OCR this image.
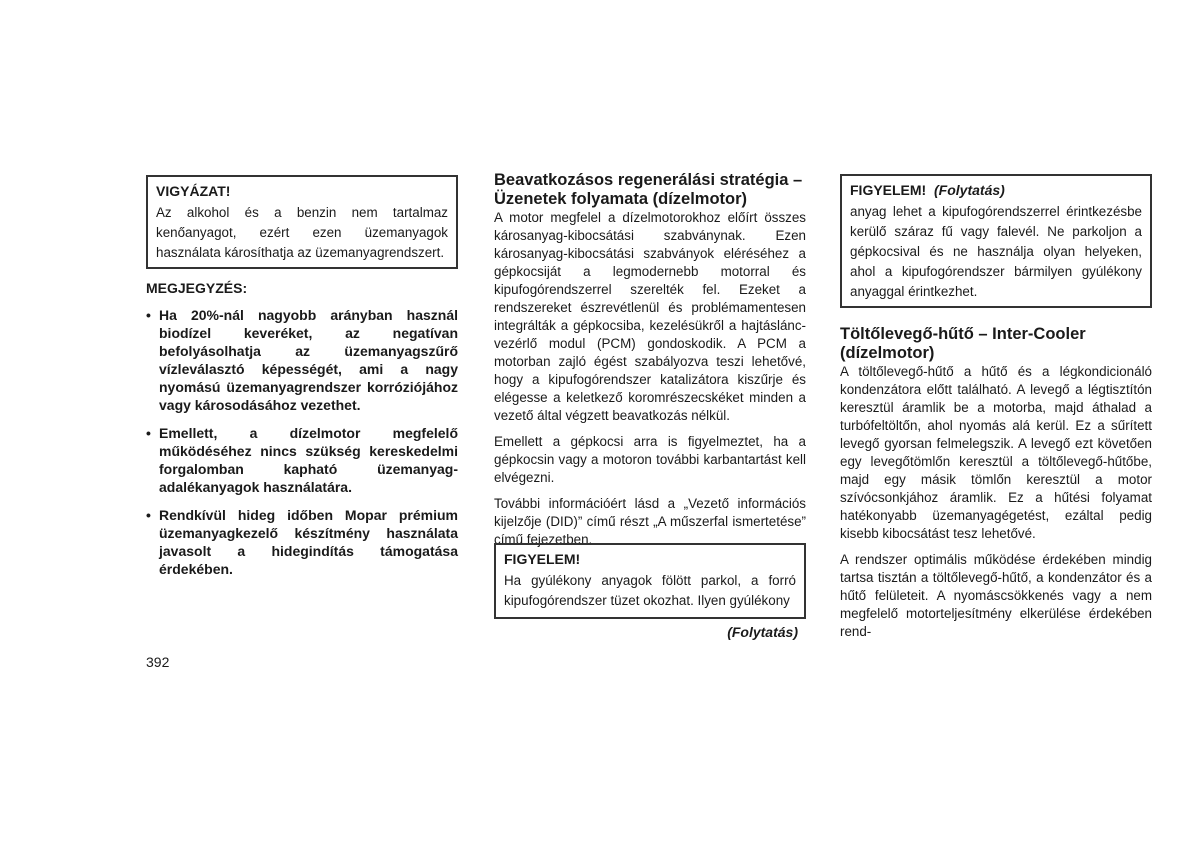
VIGYÁZAT!

Az alkohol és a benzin nem tartalmaz kenőanyagot, ezért ezen üzemanyagok használata károsíthatja az üzemanyagrendszert.

MEGJEGYZÉS:
• Ha 20%-nál nagyobb arányban használ biodízel keveréket, az negatívan befolyásolhatja az üzemanyagszűrő vízleválasztó képességét, ami a nagy nyomású üzemanyagrendszer korróziójához vagy károsodásához vezethet.
• Emellett, a dízelmotor megfelelő működéséhez nincs szükség kereskedelmi forgalomban kapható üzemanyag-adalékanyagok használatára.
• Rendkívül hideg időben Mopar prémium üzemanyagkezelő készítmény használata javasolt a hidegindítás támogatása érdekében.
Beavatkozásos regenerálási stratégia – Üzenetek folyamata (dízelmotor)

A motor megfelel a dízelmotorokhoz előírt összes károsanyag-kibocsátási szabványnak. Ezen károsanyag-kibocsátási szabványok eléréséhez a gépkocsiját a legmodernebb motorral és kipufogórendszerrel szerelték fel. Ezeket a rendszereket észrevétlenül és problémamentesen integrálták a gépkocsiba, kezelésükről a hajtáslánc-vezérlő modul (PCM) gondoskodik. A PCM a motorban zajló égést szabályozva teszi lehetővé, hogy a kipufogórendszer katalizátora kiszűrje és elégesse a keletkező koromrészecskéket minden a vezető által végzett beavatkozás nélkül.

Emellett a gépkocsi arra is figyelmeztet, ha a gépkocsin vagy a motoron további karbantartást kell elvégezni.

További információért lásd a „Vezető információs kijelzője (DID)” című részt „A műszerfal ismertetése” című fejezetben.

FIGYELEM!

Ha gyúlékony anyagok fölött parkol, a forró kipufogórendszer tüzet okozhat. Ilyen gyúlékony

(Folytatás)
FIGYELEM! (Folytatás)

anyag lehet a kipufogórendszerrel érintkezésbe kerülő száraz fű vagy falevél. Ne parkoljon a gépkocsival és ne használja olyan helyeken, ahol a kipufogórendszer bármilyen gyúlékony anyaggal érintkezhet.

Töltőlevegő-hűtő – Inter-Cooler (dízelmotor)

A töltőlevegő-hűtő a hűtő és a légkondicionáló kondenzátora előtt található. A levegő a légtisztítón keresztül áramlik be a motorba, majd áthalad a turbófeltöltőn, ahol nyomás alá kerül. Ez a sűrített levegő gyorsan felmelegszik. A levegő ezt követően egy levegőtömlőn keresztül a töltőlevegő-hűtőbe, majd egy másik tömlőn keresztül a motor szívócsonkjához áramlik. Ez a hűtési folyamat hatékonyabb üzemanyagégetést, ezáltal pedig kisebb kibocsátást tesz lehetővé.

A rendszer optimális működése érdekében mindig tartsa tisztán a töltőlevegő-hűtő, a kondenzátor és a hűtő felületeit. A nyomáscsökkenés vagy a nem megfelelő motorteljesítmény elkerülése érdekében rend-

392
